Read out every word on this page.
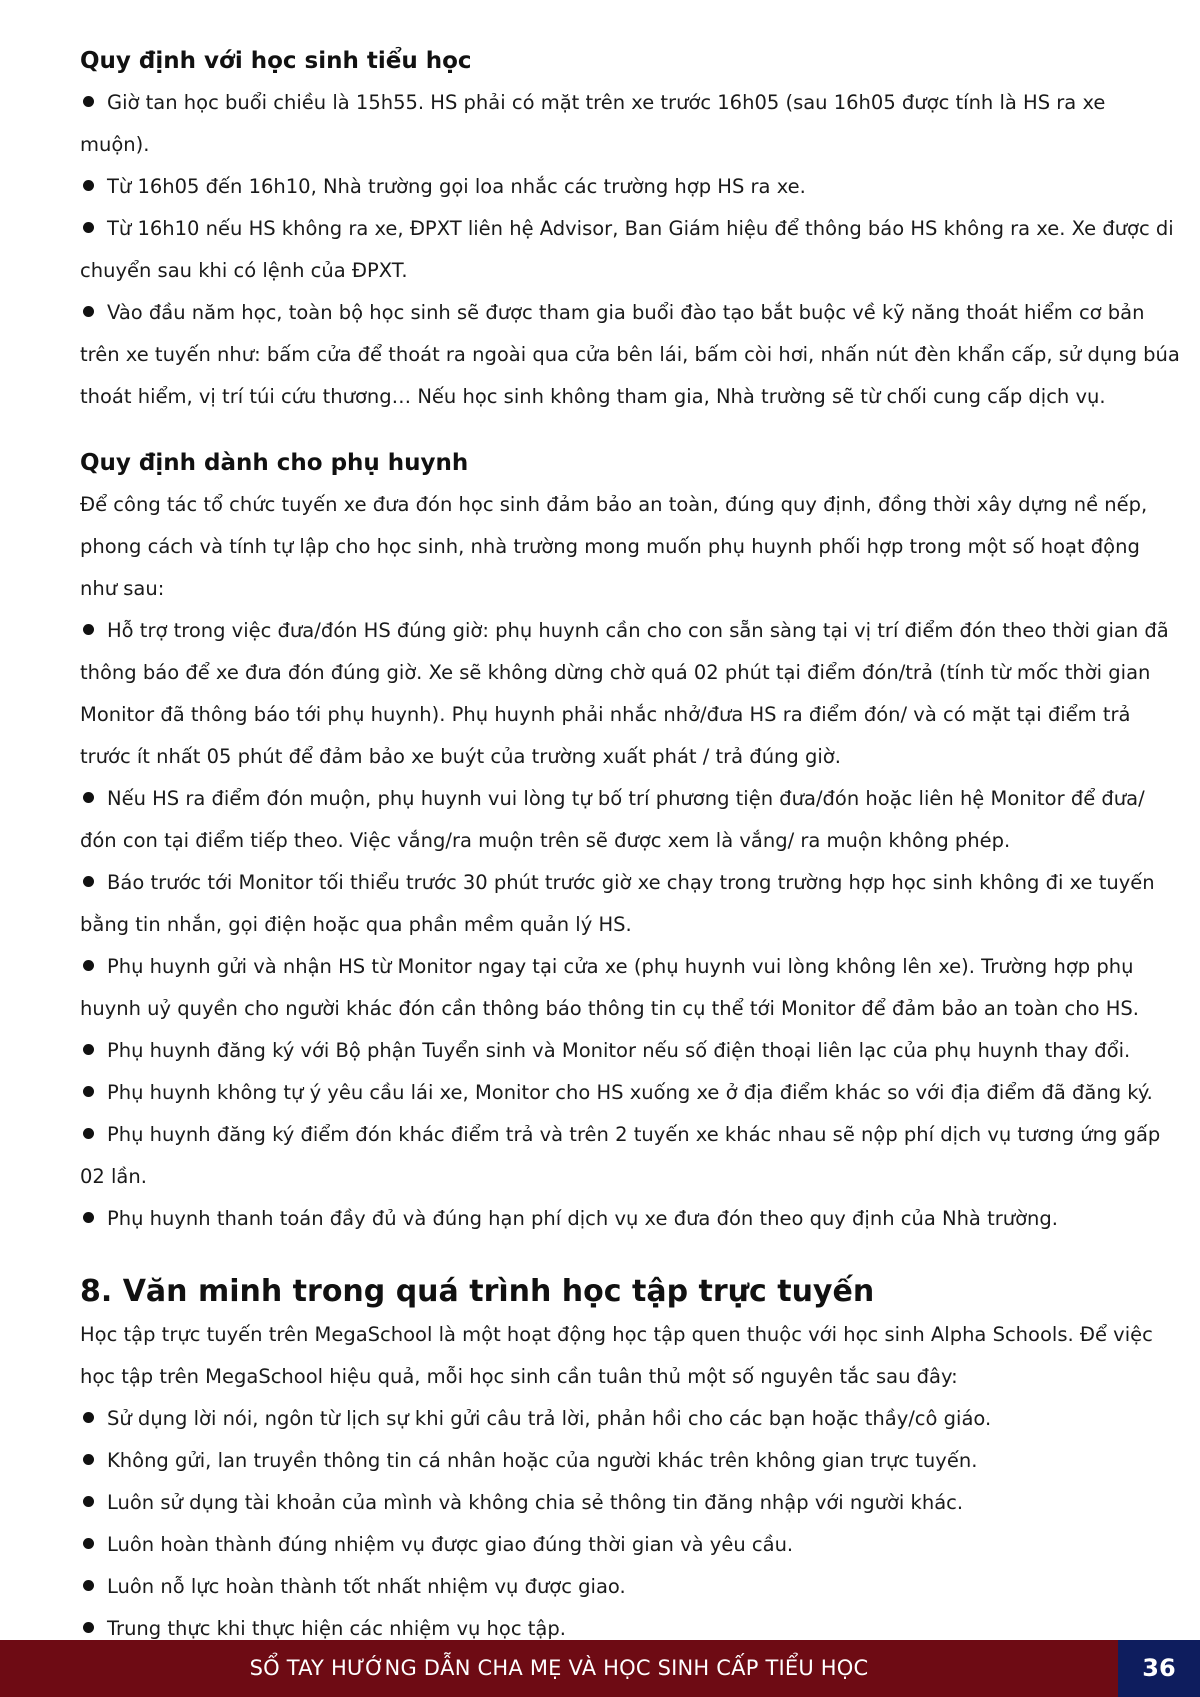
Quy định với học sinh tiểu học
Giờ tan học buổi chiều là 15h55. HS phải có mặt trên xe trước 16h05 (sau 16h05 được tính là HS ra xe muộn).
Từ 16h05 đến 16h10, Nhà trường gọi loa nhắc các trường hợp HS ra xe.
Từ 16h10 nếu HS không ra xe, ĐPXT liên hệ Advisor, Ban Giám hiệu để thông báo HS không ra xe. Xe được di chuyển sau khi có lệnh của ĐPXT.
Vào đầu năm học, toàn bộ học sinh sẽ được tham gia buổi đào tạo bắt buộc về kỹ năng thoát hiểm cơ bản trên xe tuyến như: bấm cửa để thoát ra ngoài qua cửa bên lái, bấm còi hơi, nhấn nút đèn khẩn cấp, sử dụng búa thoát hiểm, vị trí túi cứu thương… Nếu học sinh không tham gia, Nhà trường sẽ từ chối cung cấp dịch vụ.
Quy định dành cho phụ huynh

Để công tác tổ chức tuyến xe đưa đón học sinh đảm bảo an toàn, đúng quy định, đồng thời xây dựng nề nếp, phong cách và tính tự lập cho học sinh, nhà trường mong muốn phụ huynh phối hợp trong một số hoạt động như sau:

Hỗ trợ trong việc đưa/đón HS đúng giờ: phụ huynh cần cho con sẵn sàng tại vị trí điểm đón theo thời gian đã thông báo để xe đưa đón đúng giờ. Xe sẽ không dừng chờ quá 02 phút tại điểm đón/trả (tính từ mốc thời gian Monitor đã thông báo tới phụ huynh). Phụ huynh phải nhắc nhở/đưa HS ra điểm đón/ và có mặt tại điểm trả trước ít nhất 05 phút để đảm bảo xe buýt của trường xuất phát / trả đúng giờ.
Nếu HS ra điểm đón muộn, phụ huynh vui lòng tự bố trí phương tiện đưa/đón hoặc liên hệ Monitor để đưa/đón con tại điểm tiếp theo. Việc vắng/ra muộn trên sẽ được xem là vắng/ ra muộn không phép.
Báo trước tới Monitor tối thiểu trước 30 phút trước giờ xe chạy trong trường hợp học sinh không đi xe tuyến bằng tin nhắn, gọi điện hoặc qua phần mềm quản lý HS.
Phụ huynh gửi và nhận HS từ Monitor ngay tại cửa xe (phụ huynh vui lòng không lên xe). Trường hợp phụ huynh uỷ quyền cho người khác đón cần thông báo thông tin cụ thể tới Monitor để đảm bảo an toàn cho HS.
Phụ huynh đăng ký với Bộ phận Tuyển sinh và Monitor nếu số điện thoại liên lạc của phụ huynh thay đổi.
Phụ huynh không tự ý yêu cầu lái xe, Monitor cho HS xuống xe ở địa điểm khác so với địa điểm đã đăng ký.
Phụ huynh đăng ký điểm đón khác điểm trả và trên 2 tuyến xe khác nhau sẽ nộp phí dịch vụ tương ứng gấp 02 lần.
Phụ huynh thanh toán đầy đủ và đúng hạn phí dịch vụ xe đưa đón theo quy định của Nhà trường.
8. Văn minh trong quá trình học tập trực tuyến

Học tập trực tuyến trên MegaSchool là một hoạt động học tập quen thuộc với học sinh Alpha Schools. Để việc học tập trên MegaSchool hiệu quả, mỗi học sinh cần tuân thủ một số nguyên tắc sau đây:

Sử dụng lời nói, ngôn từ lịch sự khi gửi câu trả lời, phản hồi cho các bạn hoặc thầy/cô giáo.
Không gửi, lan truyền thông tin cá nhân hoặc của người khác trên không gian trực tuyến.
Luôn sử dụng tài khoản của mình và không chia sẻ thông tin đăng nhập với người khác.
Luôn hoàn thành đúng nhiệm vụ được giao đúng thời gian và yêu cầu.
Luôn nỗ lực hoàn thành tốt nhất nhiệm vụ được giao.
Trung thực khi thực hiện các nhiệm vụ học tập.
SỔ TAY HƯỚNG DẪN CHA MẸ VÀ HỌC SINH CẤP TIỂU HỌC	36
